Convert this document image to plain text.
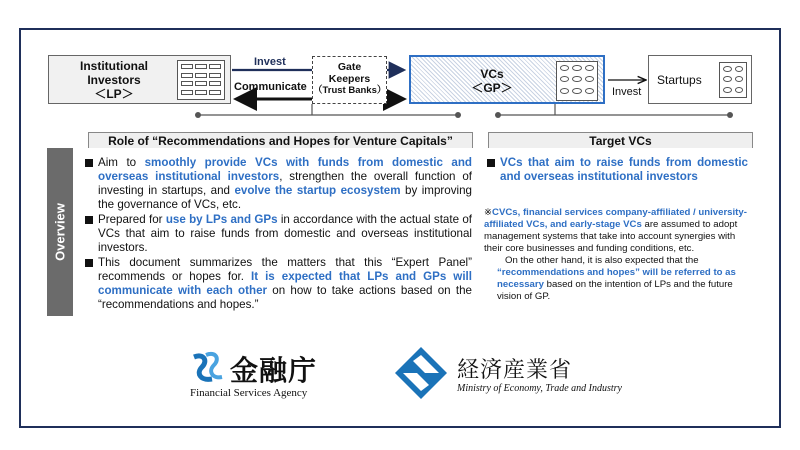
Institutional
Investors
＜LP＞
Invest
Communicate
Gate
Keepers
（Trust Banks）
VCs
＜GP＞	Invest
Startups
Role of “Recommendations and Hopes for Venture Capitals”	Target VCs
Overview
Aim to smoothly provide VCs with funds from domestic and overseas institutional investors, strengthen the overall function of investing in startups, and evolve the startup ecosystem by improving the governance of VCs, etc.
Prepared for use by LPs and GPs in accordance with the actual state of VCs that aim to raise funds from domestic and overseas institutional investors.
This document summarizes the matters that this “Expert Panel” recommends or hopes for. It is expected that LPs and GPs will communicate with each other on how to take actions based on the “recommendations and hopes.”
VCs that aim to raise funds from domestic and overseas institutional investors
※CVCs, financial services company-affiliated / university-affiliated VCs, and early-stage VCs are assumed to adopt management systems that take into account synergies with their core businesses and funding conditions, etc.
On the other hand, it is also expected that the “recommendations and hopes” will be referred to as necessary based on the intention of LPs and the future vision of GP.
金融庁
Financial Services Agency
経済産業省
Ministry of Economy, Trade and Industry
